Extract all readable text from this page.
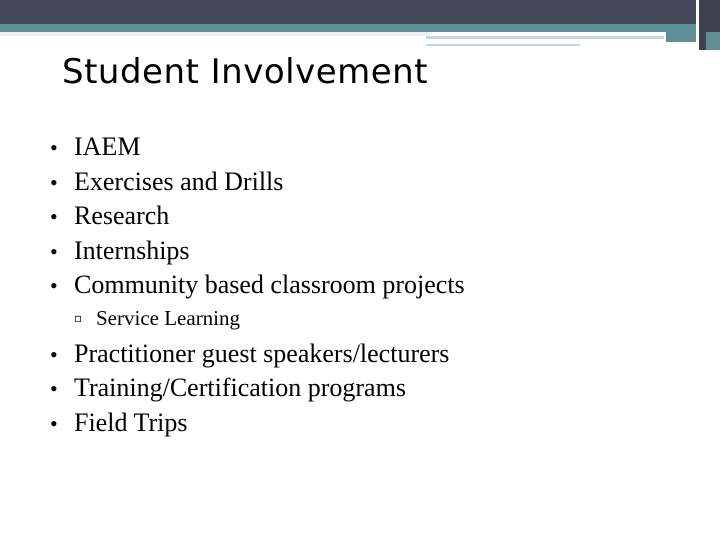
Student Involvement
• IAEM
• Exercises and Drills
• Research
• Internships
• Community based classroom projects
▫ Service Learning
• Practitioner guest speakers/lecturers
• Training/Certification programs
• Field Trips
